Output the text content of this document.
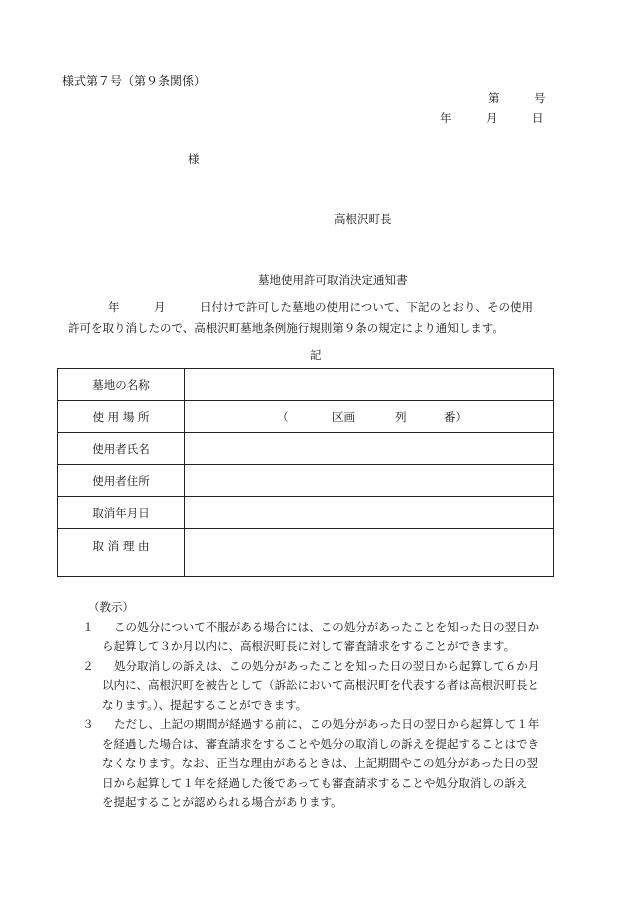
様式第７号（第９条関係）
第　　　号
年　　　月　　　日
様
高根沢町長
墓地使用許可取消決定通知書
年　　　月　　　日付けで許可した墓地の使用について、下記のとおり、その使用
許可を取り消したので、高根沢町墓地条例施行規則第９条の規定により通知します。
記
墓地の名称	
使 用 場 所	（ 区画 列 番）

使用者氏名	
使用者住所	
取消年月日	
取 消 理 由	
（教示）
１	この処分について不服がある場合には、この処分があったことを知った日の翌日か
ら起算して３か月以内に、高根沢町長に対して審査請求をすることができます。
２	処分取消しの訴えは、この処分があったことを知った日の翌日から起算して６か月
以内に、高根沢町を被告として（訴訟において高根沢町を代表する者は高根沢町長と
なります。）、提起することができます。
３	ただし、上記の期間が経過する前に、この処分があった日の翌日から起算して１年
を経過した場合は、審査請求をすることや処分の取消しの訴えを提起することはでき
なくなります。なお、正当な理由があるときは、上記期間やこの処分があった日の翌
日から起算して１年を経過した後であっても審査請求することや処分取消しの訴え
を提起することが認められる場合があります。
